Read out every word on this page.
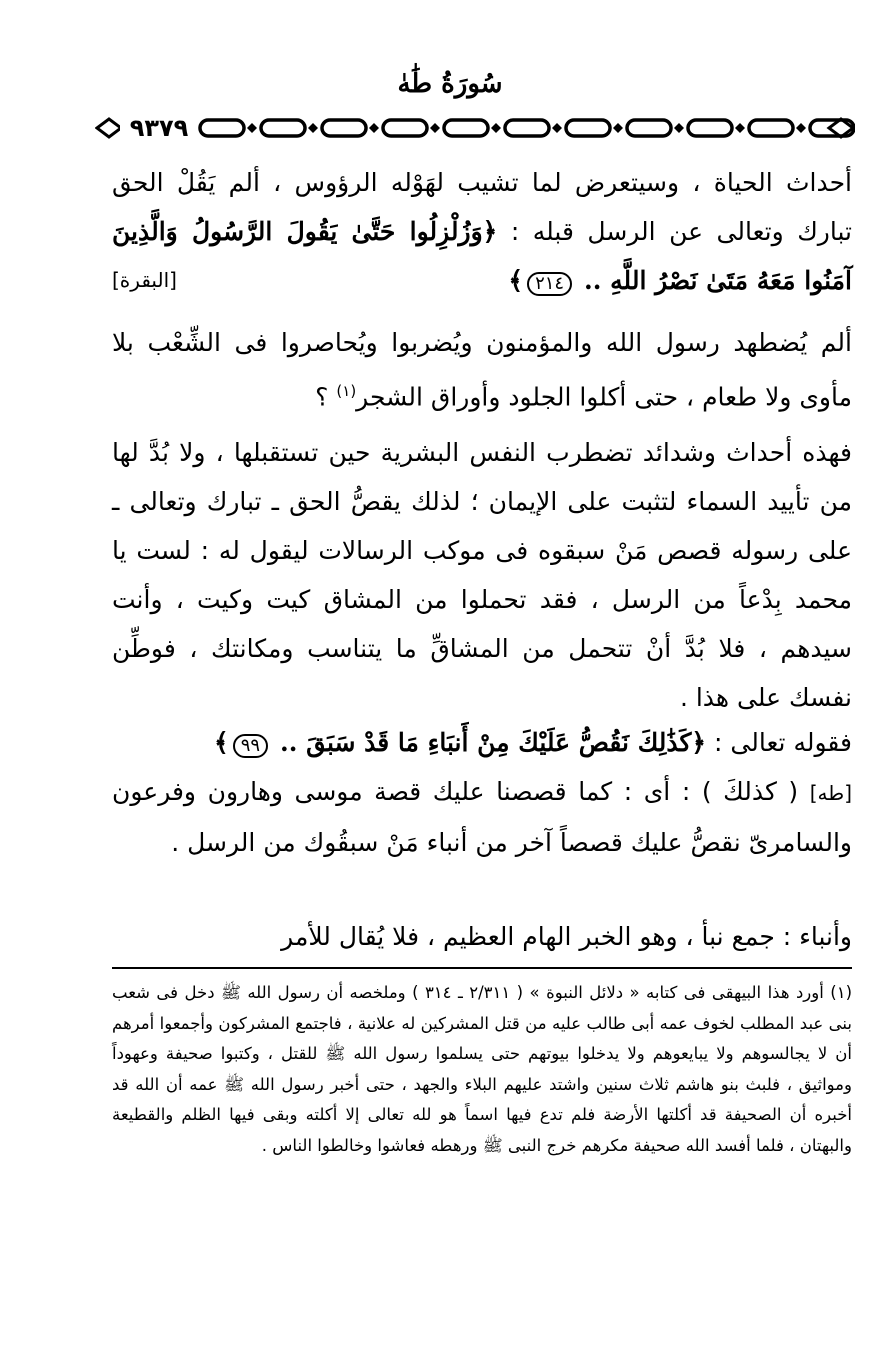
سُورَةُ طَٰهٰ
٩٣٧٩
أحداث الحياة ، وسيتعرض لما تشيب لهَوْله الرؤوس ، ألم يَقُلْ الحق تبارك وتعالى عن الرسل قبله : ﴿وَزُلْزِلُوا حَتَّىٰ يَقُولَ الرَّسُولُ وَالَّذِينَ آمَنُوا مَعَهُ مَتَىٰ نَصْرُ اللَّهِ .. ٢١٤﴾
[البقرة]
ألم يُضطهد رسول الله والمؤمنون ويُضربوا ويُحاصروا فى الشِّعْب بلا مأوى ولا طعام ، حتى أكلوا الجلود وأوراق الشجر$^{(١)}$ ؟
فهذه أحداث وشدائد تضطرب النفس البشرية حين تستقبلها ، ولا بُدَّ لها من تأييد السماء لتثبت على الإيمان ؛ لذلك يقصُّ الحق ـ تبارك وتعالى ـ على رسوله قصص مَنْ سبقوه فى موكب الرسالات ليقول له : لست يا محمد بِدْعاً من الرسل ، فقد تحملوا من المشاق كيت وكيت ، وأنت سيدهم ، فلا بُدَّ أنْ تتحمل من المشاقِّ ما يتناسب ومكانتك ، فوطِّن نفسك على هذا .
فقوله تعالى : ﴿كَذَٰلِكَ نَقُصُّ عَلَيْكَ مِنْ أَنبَاءِ مَا قَدْ سَبَقَ .. ٩٩﴾
[طه] ( كذلكَ ) : أى : كما قصصنا عليك قصة موسى وهارون وفرعون والسامرىّ نقصُّ عليك قصصاً آخر من أنباء مَنْ سبقُوك من الرسل .
وأنباء : جمع نبأ ، وهو الخبر الهام العظيم ، فلا يُقال للأمر
(١) أورد هذا البيهقى فى كتابه « دلائل النبوة » ( ٢/٣١١ ـ ٣١٤ ) وملخصه أن رسول الله ﷺ دخل فى شعب بنى عبد المطلب لخوف عمه أبى طالب عليه من قتل المشركين له علانية ، فاجتمع المشركون وأجمعوا أمرهم أن لا يجالسوهم ولا يبايعوهم ولا يدخلوا بيوتهم حتى يسلموا رسول الله ﷺ للقتل ، وكتبوا صحيفة وعهوداً ومواثيق ، فلبث بنو هاشم ثلاث سنين واشتد عليهم البلاء والجهد ، حتى أخبر رسول الله ﷺ عمه أن الله قد أخبره أن الصحيفة قد أكلتها الأرضة فلم تدع فيها اسماً هو لله تعالى إلا أكلته وبقى فيها الظلم والقطيعة والبهتان ، فلما أفسد الله صحيفة مكرهم خرج النبى ﷺ ورهطه فعاشوا وخالطوا الناس .
